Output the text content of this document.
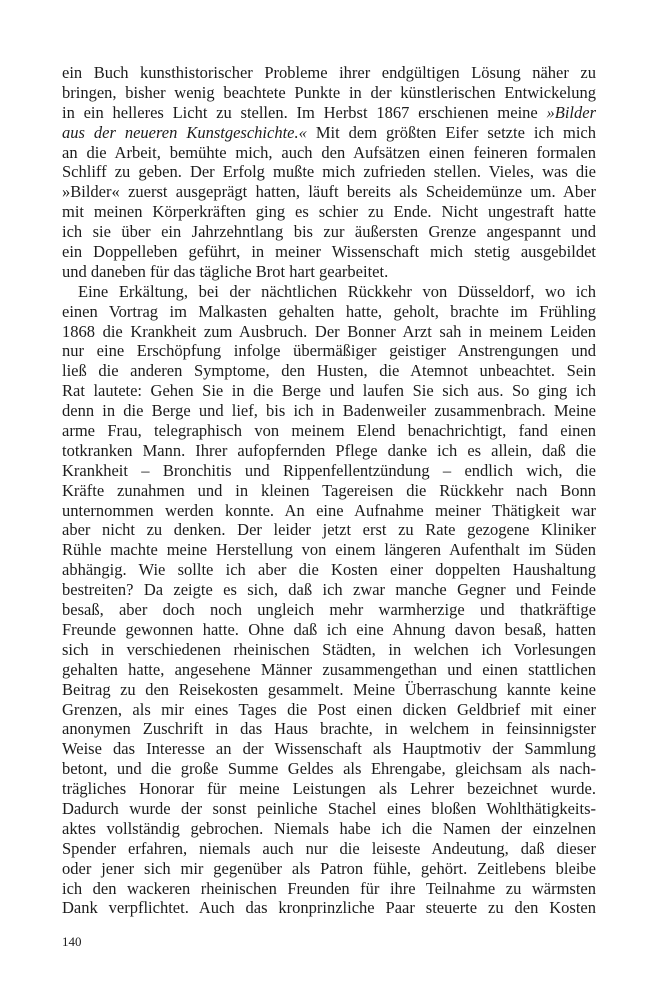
ein Buch kunsthistorischer Probleme ihrer endgültigen Lösung näher zu
bringen, bisher wenig beachtete Punkte in der künstlerischen Entwickelung
in ein helleres Licht zu stellen. Im Herbst 1867 erschienen meine »Bilder
aus der neueren Kunstgeschichte.« Mit dem größten Eifer setzte ich mich
an die Arbeit, bemühte mich, auch den Aufsätzen einen feineren formalen
Schliff zu geben. Der Erfolg mußte mich zufrieden stellen. Vieles, was die
»Bilder« zuerst ausgeprägt hatten, läuft bereits als Scheidemünze um. Aber
mit meinen Körperkräften ging es schier zu Ende. Nicht ungestraft hatte
ich sie über ein Jahrzehntlang bis zur äußersten Grenze angespannt und
ein Doppelleben geführt, in meiner Wissenschaft mich stetig ausgebildet
und daneben für das tägliche Brot hart gearbeitet.
Eine Erkältung, bei der nächtlichen Rückkehr von Düsseldorf, wo ich
einen Vortrag im Malkasten gehalten hatte, geholt, brachte im Frühling
1868 die Krankheit zum Ausbruch. Der Bonner Arzt sah in meinem Leiden
nur eine Erschöpfung infolge übermäßiger geistiger Anstrengungen und
ließ die anderen Symptome, den Husten, die Atemnot unbeachtet. Sein
Rat lautete: Gehen Sie in die Berge und laufen Sie sich aus. So ging ich
denn in die Berge und lief, bis ich in Badenweiler zusammenbrach. Meine
arme Frau, telegraphisch von meinem Elend benachrichtigt, fand einen
totkranken Mann. Ihrer aufopfernden Pflege danke ich es allein, daß die
Krankheit – Bronchitis und Rippenfellentzündung – endlich wich, die
Kräfte zunahmen und in kleinen Tagereisen die Rückkehr nach Bonn
unternommen werden konnte. An eine Aufnahme meiner Thätigkeit war
aber nicht zu denken. Der leider jetzt erst zu Rate gezogene Kliniker
Rühle machte meine Herstellung von einem längeren Aufenthalt im Süden
abhängig. Wie sollte ich aber die Kosten einer doppelten Haushaltung
bestreiten? Da zeigte es sich, daß ich zwar manche Gegner und Feinde
besaß, aber doch noch ungleich mehr warmherzige und thatkräftige
Freunde gewonnen hatte. Ohne daß ich eine Ahnung davon besaß, hatten
sich in verschiedenen rheinischen Städten, in welchen ich Vorlesungen
gehalten hatte, angesehene Männer zusammengethan und einen stattlichen
Beitrag zu den Reisekosten gesammelt. Meine Überraschung kannte keine
Grenzen, als mir eines Tages die Post einen dicken Geldbrief mit einer
anonymen Zuschrift in das Haus brachte, in welchem in feinsinnigster
Weise das Interesse an der Wissenschaft als Hauptmotiv der Sammlung
betont, und die große Summe Geldes als Ehrengabe, gleichsam als nach-
trägliches Honorar für meine Leistungen als Lehrer bezeichnet wurde.
Dadurch wurde der sonst peinliche Stachel eines bloßen Wohlthätigkeits-
aktes vollständig gebrochen. Niemals habe ich die Namen der einzelnen
Spender erfahren, niemals auch nur die leiseste Andeutung, daß dieser
oder jener sich mir gegenüber als Patron fühle, gehört. Zeitlebens bleibe
ich den wackeren rheinischen Freunden für ihre Teilnahme zu wärmsten
Dank verpflichtet. Auch das kronprinzliche Paar steuerte zu den Kosten
140
